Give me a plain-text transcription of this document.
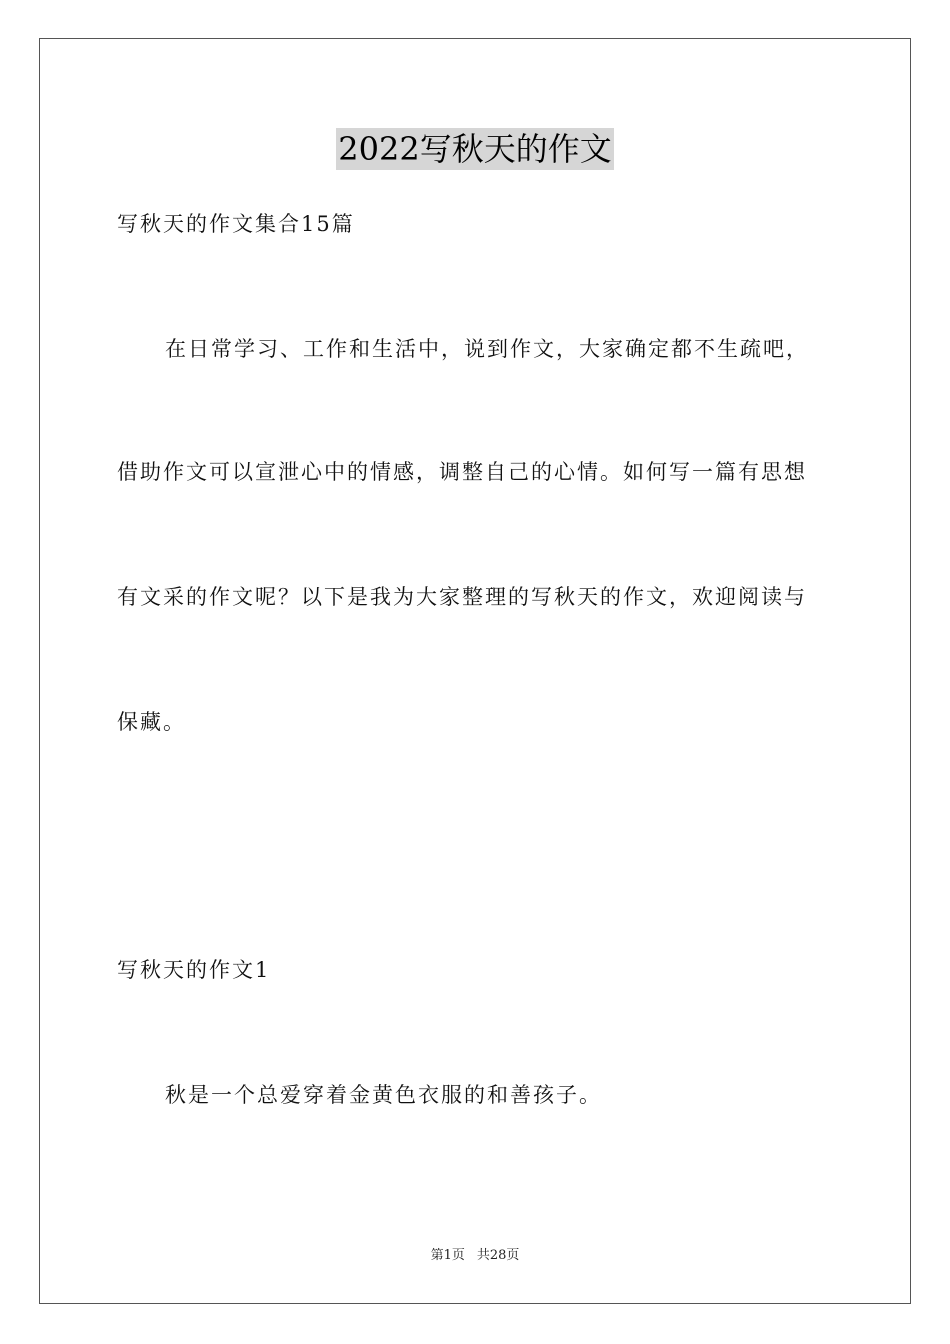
2022写秋天的作文
写秋天的作文集合15篇
在日常学习、工作和生活中，说到作文，大家确定都不生疏吧，
借助作文可以宣泄心中的情感，调整自己的心情。如何写一篇有思想
有文采的作文呢？以下是我为大家整理的写秋天的作文，欢迎阅读与
保藏。
写秋天的作文1
秋是一个总爱穿着金黄色衣服的和善孩子。
第1页 共28页
